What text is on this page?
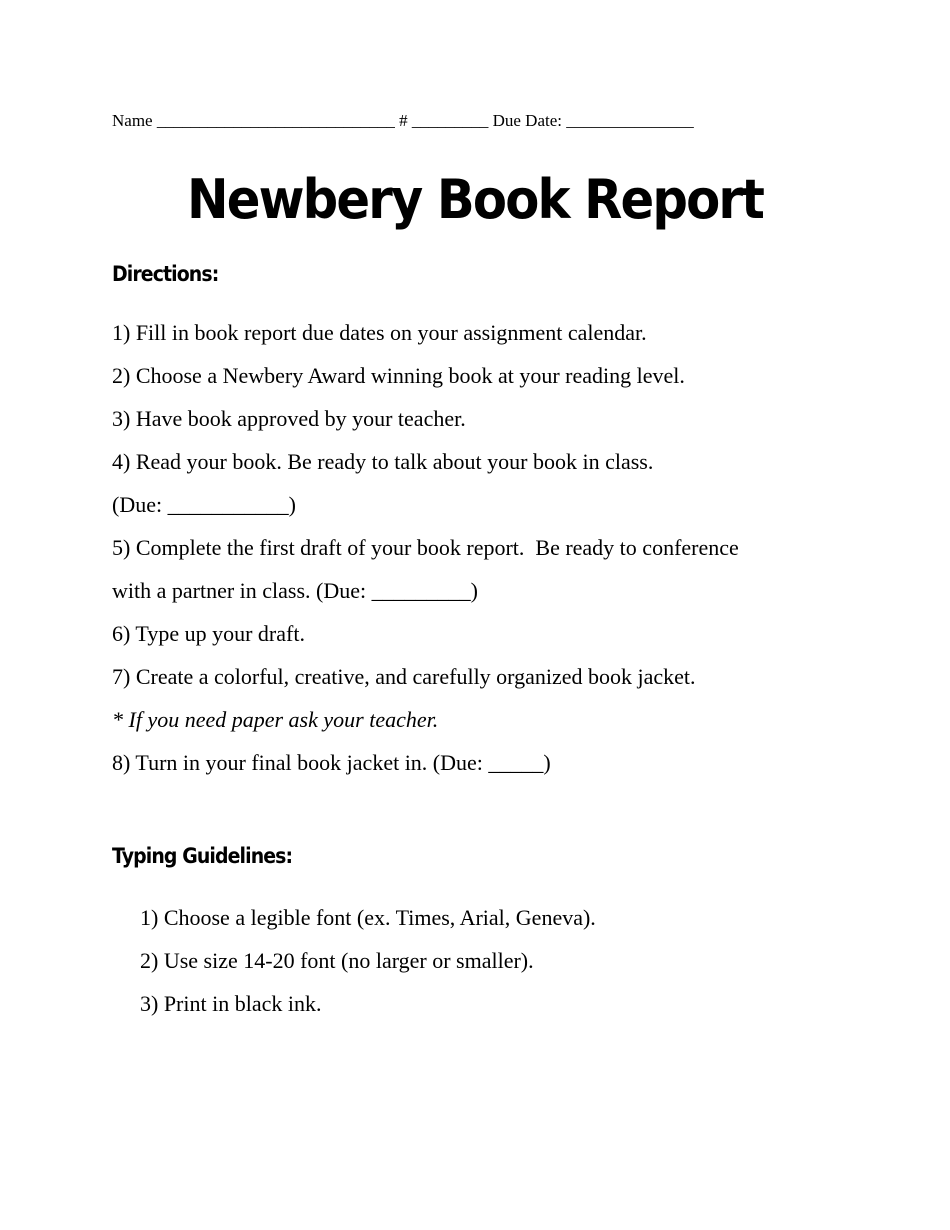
Name ____________________________ # _________ Due Date: _______________
Newbery Book Report
Directions:
1) Fill in book report due dates on your assignment calendar.
2) Choose a Newbery Award winning book at your reading level.
3) Have book approved by your teacher.
4) Read your book. Be ready to talk about your book in class.
(Due: ___________)
5) Complete the first draft of your book report.  Be ready to conference
with a partner in class. (Due: _________)
6) Type up your draft.
7) Create a colorful, creative, and carefully organized book jacket.
* If you need paper ask your teacher.
8) Turn in your final book jacket in. (Due: _____)
Typing Guidelines:
1) Choose a legible font (ex. Times, Arial, Geneva).
2) Use size 14-20 font (no larger or smaller).
3) Print in black ink.
